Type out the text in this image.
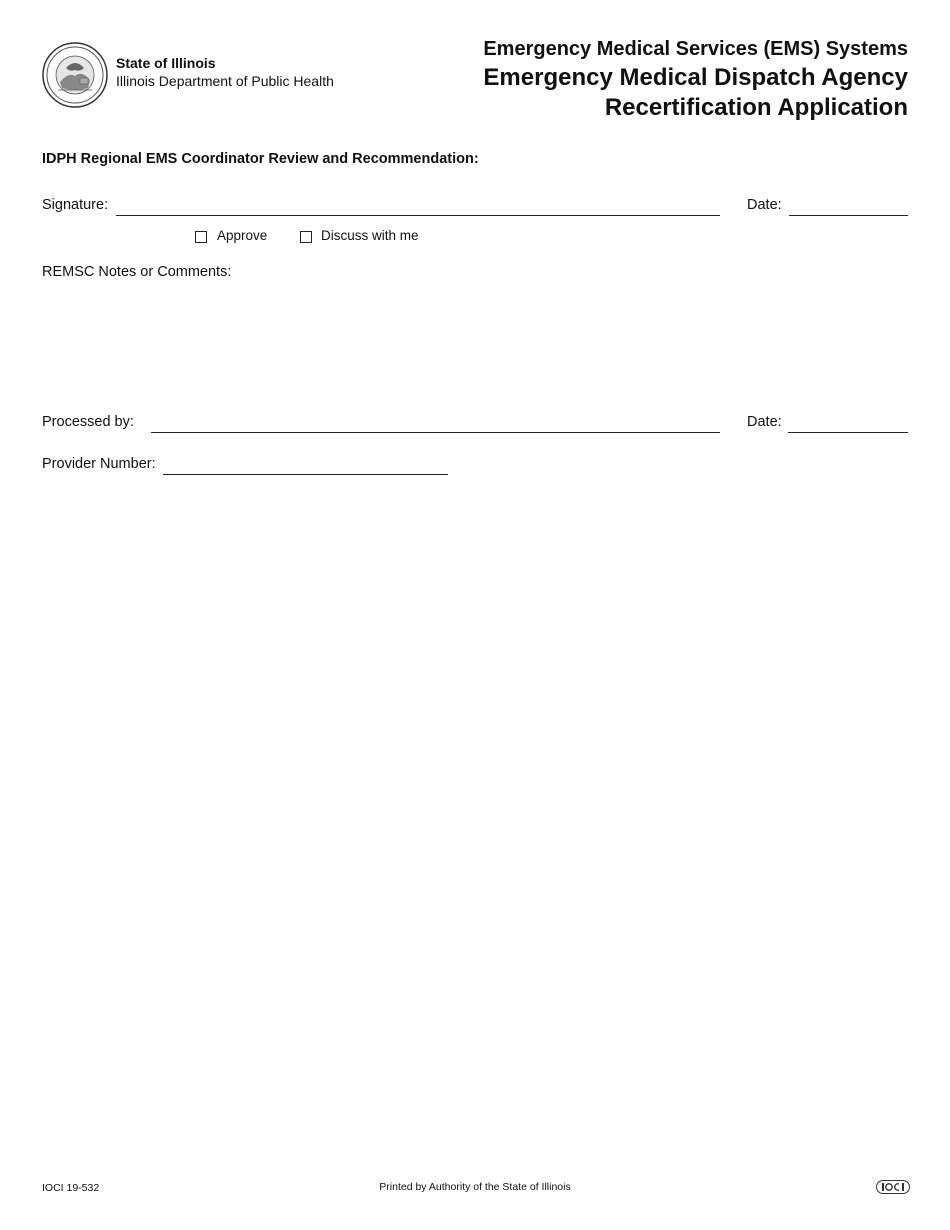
State of Illinois
Illinois Department of Public Health
Emergency Medical Services (EMS) Systems
Emergency Medical Dispatch Agency
Recertification Application
IDPH Regional EMS Coordinator Review and Recommendation:
Signature:	Date:
Approve	Discuss with me
REMSC Notes or Comments:
Processed by:	Date:
Provider Number:
IOCI 19-532	Printed by Authority of the State of Illinois
